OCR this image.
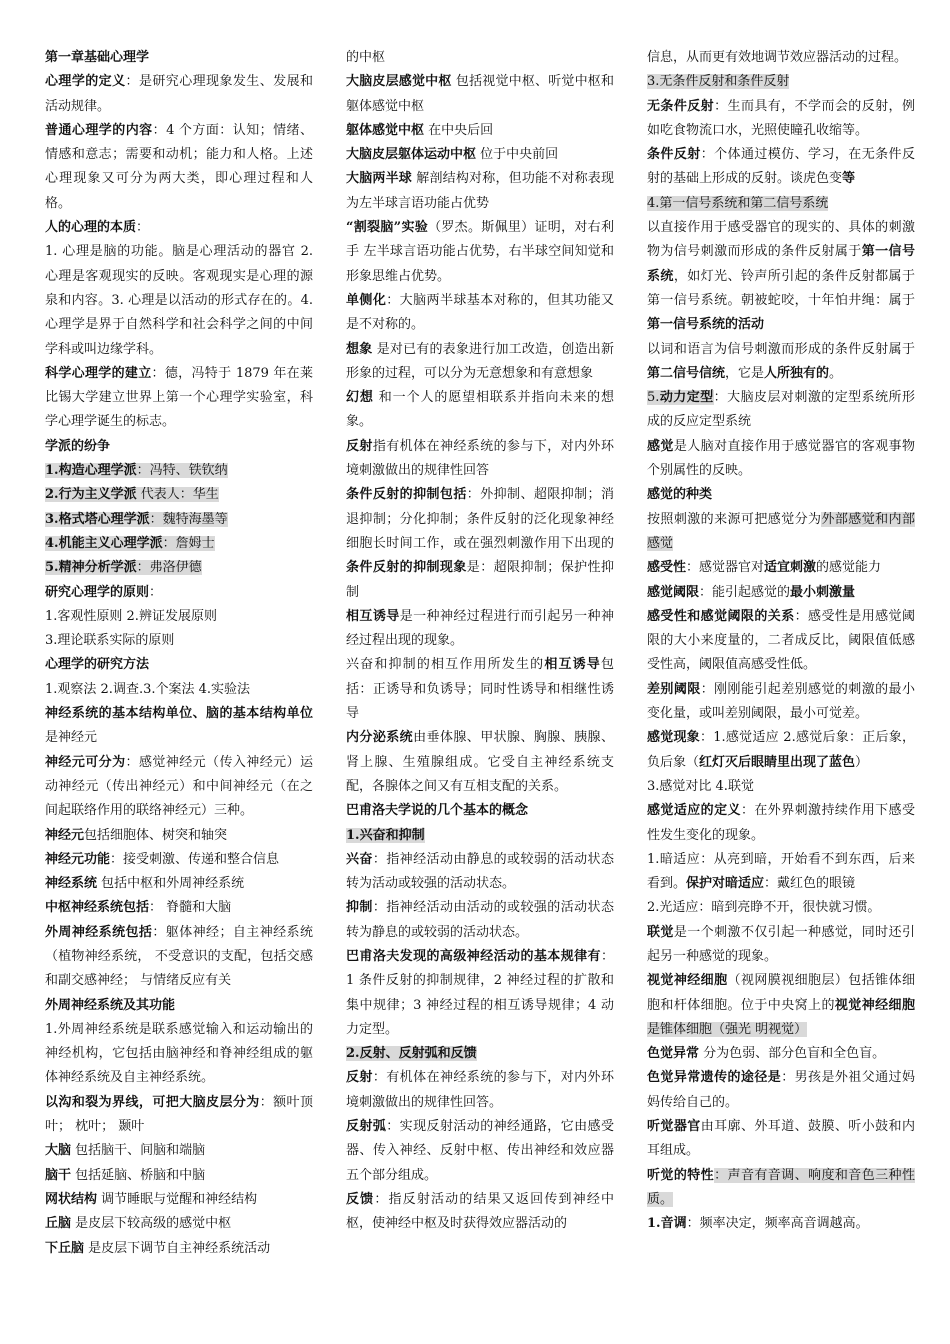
第一章基础心理学

心理学的定义：是研究心理现象发生、发展和活动规律。

普通心理学的内容：4 个方面：认知；情绪、情感和意志；需要和动机；能力和人格。上述心理现象又可分为两大类，即心理过程和人格。

人的心理的本质：

1. 心理是脑的功能。脑是心理活动的器官 2. 心理是客观现实的反映。客观现实是心理的源泉和内容。3. 心理是以活动的形式存在的。4. 心理学是界于自然科学和社会科学之间的中间学科或叫边缘学科。

科学心理学的建立：德，冯特于 1879 年在莱比锡大学建立世界上第一个心理学实验室，科学心理学诞生的标志。

学派的纷争

1.构造心理学派：冯特、铁钦纳

2.行为主义学派 代表人：华生

3.格式塔心理学派：魏特海墨等

4.机能主义心理学派：詹姆士

5.精神分析学派：弗洛伊德

研究心理学的原则：

1.客观性原则 2.辨证发展原则

3.理论联系实际的原则

心理学的研究方法

1.观察法 2.调查.3.个案法 4.实验法

神经系统的基本结构单位、脑的基本结构单位是神经元

神经元可分为：感觉神经元（传入神经元）运动神经元（传出神经元）和中间神经元（在之间起联络作用的联络神经元）三种。

神经元包括细胞体、树突和轴突

神经元功能：接受刺激、传递和整合信息

神经系统 包括中枢和外周神经系统

中枢神经系统包括： 脊髓和大脑

外周神经系统包括：躯体神经；自主神经系统（植物神经系统， 不受意识的支配，包括交感和副交感神经； 与情绪反应有关

外周神经系统及其功能

1.外周神经系统是联系感觉输入和运动输出的神经机构，它包括由脑神经和脊神经组成的躯体神经系统及自主神经系统。

以沟和裂为界线，可把大脑皮层分为：额叶顶叶； 枕叶； 颞叶

大脑 包括脑干、间脑和端脑

脑干 包括延脑、桥脑和中脑

网状结构 调节睡眠与觉醒和神经结构

丘脑 是皮层下较高级的感觉中枢

下丘脑 是皮层下调节自主神经系统活动

的中枢

大脑皮层感觉中枢 包括视觉中枢、听觉中枢和躯体感觉中枢

躯体感觉中枢 在中央后回

大脑皮层躯体运动中枢 位于中央前回

大脑两半球 解剖结构对称，但功能不对称表现为左半球言语功能占优势

“割裂脑”实验（罗杰。斯佩里）证明，对右利手 左半球言语功能占优势，右半球空间知觉和形象思维占优势。

单侧化：大脑两半球基本对称的，但其功能又是不对称的。

想象 是对已有的表象进行加工改造，创造出新形象的过程，可以分为无意想象和有意想象

幻想 和一个人的愿望相联系并指向未来的想象。

反射指有机体在神经系统的参与下，对内外环境刺激做出的规律性回答

条件反射的抑制包括：外抑制、超限抑制；消退抑制；分化抑制；条件反射的泛化现象神经细胞长时间工作，或在强烈刺激作用下出现的条件反射的抑制现象是：超限抑制；保护性抑制

相互诱导是一种神经过程进行而引起另一种神经过程出现的现象。

兴奋和抑制的相互作用所发生的相互诱导包括：正诱导和负诱导；同时性诱导和相继性诱导

内分泌系统由垂体腺、甲状腺、胸腺、胰腺、肾上腺、生殖腺组成。它受自主神经系统支配，各腺体之间又有互相支配的关系。

巴甫洛夫学说的几个基本的概念

1.兴奋和抑制

兴奋：指神经活动由静息的或较弱的活动状态转为活动或较强的活动状态。

抑制：指神经活动由活动的或较强的活动状态转为静息的或较弱的活动状态。

巴甫洛夫发现的高级神经活动的基本规律有：1 条件反射的抑制规律，2 神经过程的扩散和集中规律；3 神经过程的相互诱导规律；4 动力定型。

2.反射、反射弧和反馈

反射：有机体在神经系统的参与下，对内外环境刺激做出的规律性回答。

反射弧：实现反射活动的神经通路，它由感受器、传入神经、反射中枢、传出神经和效应器五个部分组成。

反馈：指反射活动的结果又返回传到神经中枢，使神经中枢及时获得效应器活动的

信息，从而更有效地调节效应器活动的过程。

3.无条件反射和条件反射

无条件反射：生而具有，不学而会的反射，例如吃食物流口水，光照使瞳孔收缩等。

条件反射：个体通过模仿、学习，在无条件反射的基础上形成的反射。谈虎色变等

4.第一信号系统和第二信号系统

以直接作用于感受器官的现实的、具体的刺激物为信号刺激而形成的条件反射属于第一信号系统，如灯光、铃声所引起的条件反射都属于第一信号系统。朝被蛇咬，十年怕井绳：属于第一信号系统的活动

以词和语言为信号刺激而形成的条件反射属于第二信号信统，它是人所独有的。

5.动力定型：大脑皮层对刺激的定型系统所形成的反应定型系统

感觉是人脑对直接作用于感觉器官的客观事物个别属性的反映。

感觉的种类

按照刺激的来源可把感觉分为外部感觉和内部感觉

感受性：感觉器官对适宜刺激的感觉能力

感觉阈限：能引起感觉的最小刺激量

感受性和感觉阈限的关系：感受性是用感觉阈限的大小来度量的，二者成反比，阈限值低感受性高，阈限值高感受性低。

差别阈限：刚刚能引起差别感觉的刺激的最小变化量，或叫差别阈限，最小可觉差。

感觉现象：1.感觉适应 2.感觉后象：正后象，负后象（红灯灭后眼睛里出现了蓝色）

3.感觉对比 4.联觉

感觉适应的定义：在外界刺激持续作用下感受性发生变化的现象。

1.暗适应：从亮到暗，开始看不到东西，后来看到。保护对暗适应：戴红色的眼镜

2.光适应：暗到亮睁不开，很快就习惯。

联觉是一个刺激不仅引起一种感觉，同时还引起另一种感觉的现象。

视觉神经细胞（视网膜视细胞层）包括锥体细胞和杆体细胞。位于中央窝上的视觉神经细胞是锥体细胞（强光 明视觉）

色觉异常 分为色弱、部分色盲和全色盲。

色觉异常遗传的途径是：男孩是外祖父通过妈妈传给自己的。

听觉器官由耳廓、外耳道、鼓膜、听小鼓和内耳组成。

听觉的特性：声音有音调、响度和音色三种性质。

1.音调：频率决定，频率高音调越高。
